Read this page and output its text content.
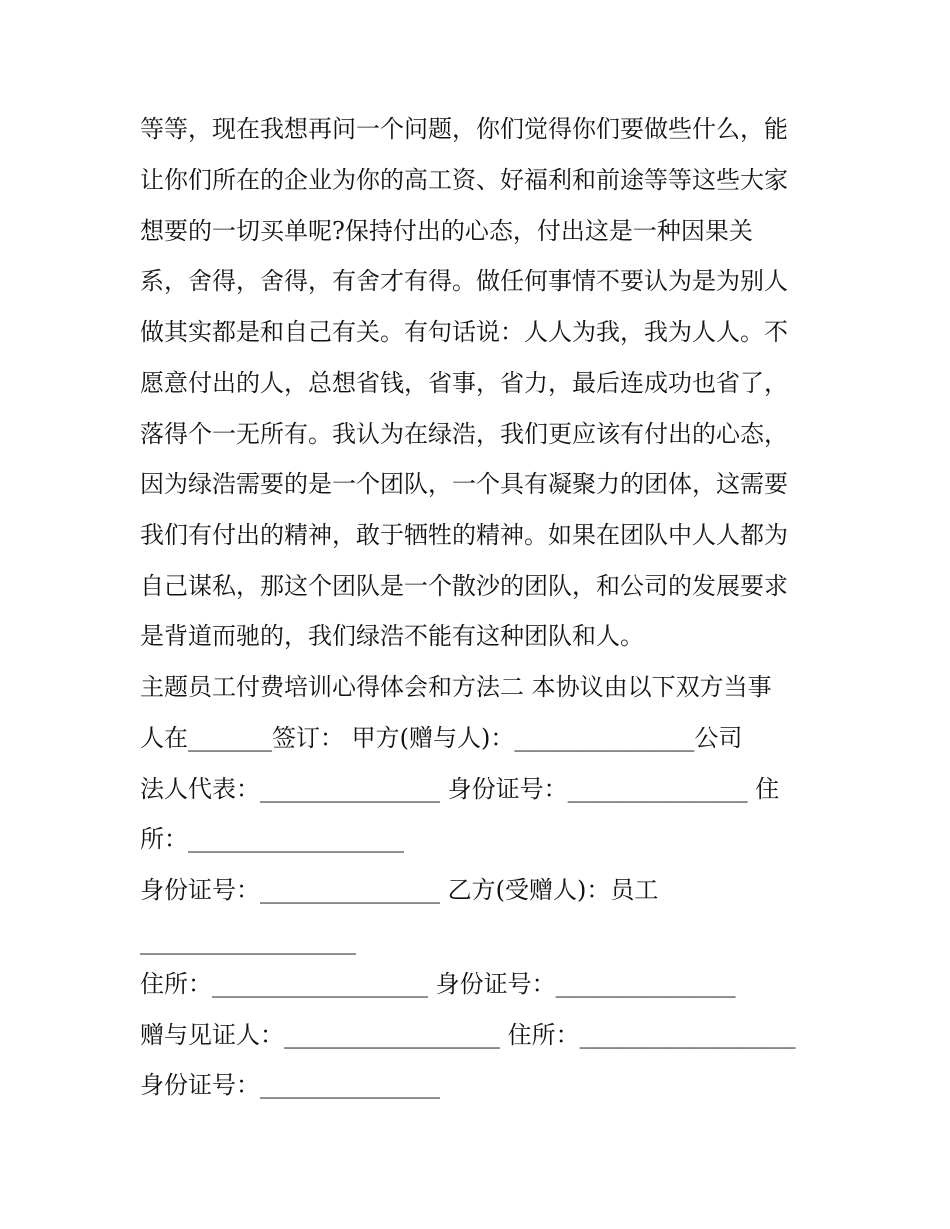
等等，现在我想再问一个问题，你们觉得你们要做些什么，能

让你们所在的企业为你的高工资、好福利和前途等等这些大家

想要的一切买单呢?保持付出的心态，付出这是一种因果关

系，舍得，舍得，有舍才有得。做任何事情不要认为是为别人

做其实都是和自己有关。有句话说：人人为我，我为人人。不

愿意付出的人，总想省钱，省事，省力，最后连成功也省了，

落得个一无所有。我认为在绿浩，我们更应该有付出的心态，

因为绿浩需要的是一个团队，一个具有凝聚力的团体，这需要

我们有付出的精神，敢于牺牲的精神。如果在团队中人人都为

自己谋私，那这个团队是一个散沙的团队，和公司的发展要求

是背道而驰的，我们绿浩不能有这种团队和人。

主题员工付费培训心得体会和方法二 本协议由以下双方当事

人在_______签订： 甲方(赠与人)：_______________公司

法人代表：_______________ 身份证号：_______________ 住

所：__________________

身份证号：_______________ 乙方(受赠人)：员工

__________________

住所：__________________ 身份证号：_______________

赠与见证人：__________________ 住所：__________________

身份证号：_______________
